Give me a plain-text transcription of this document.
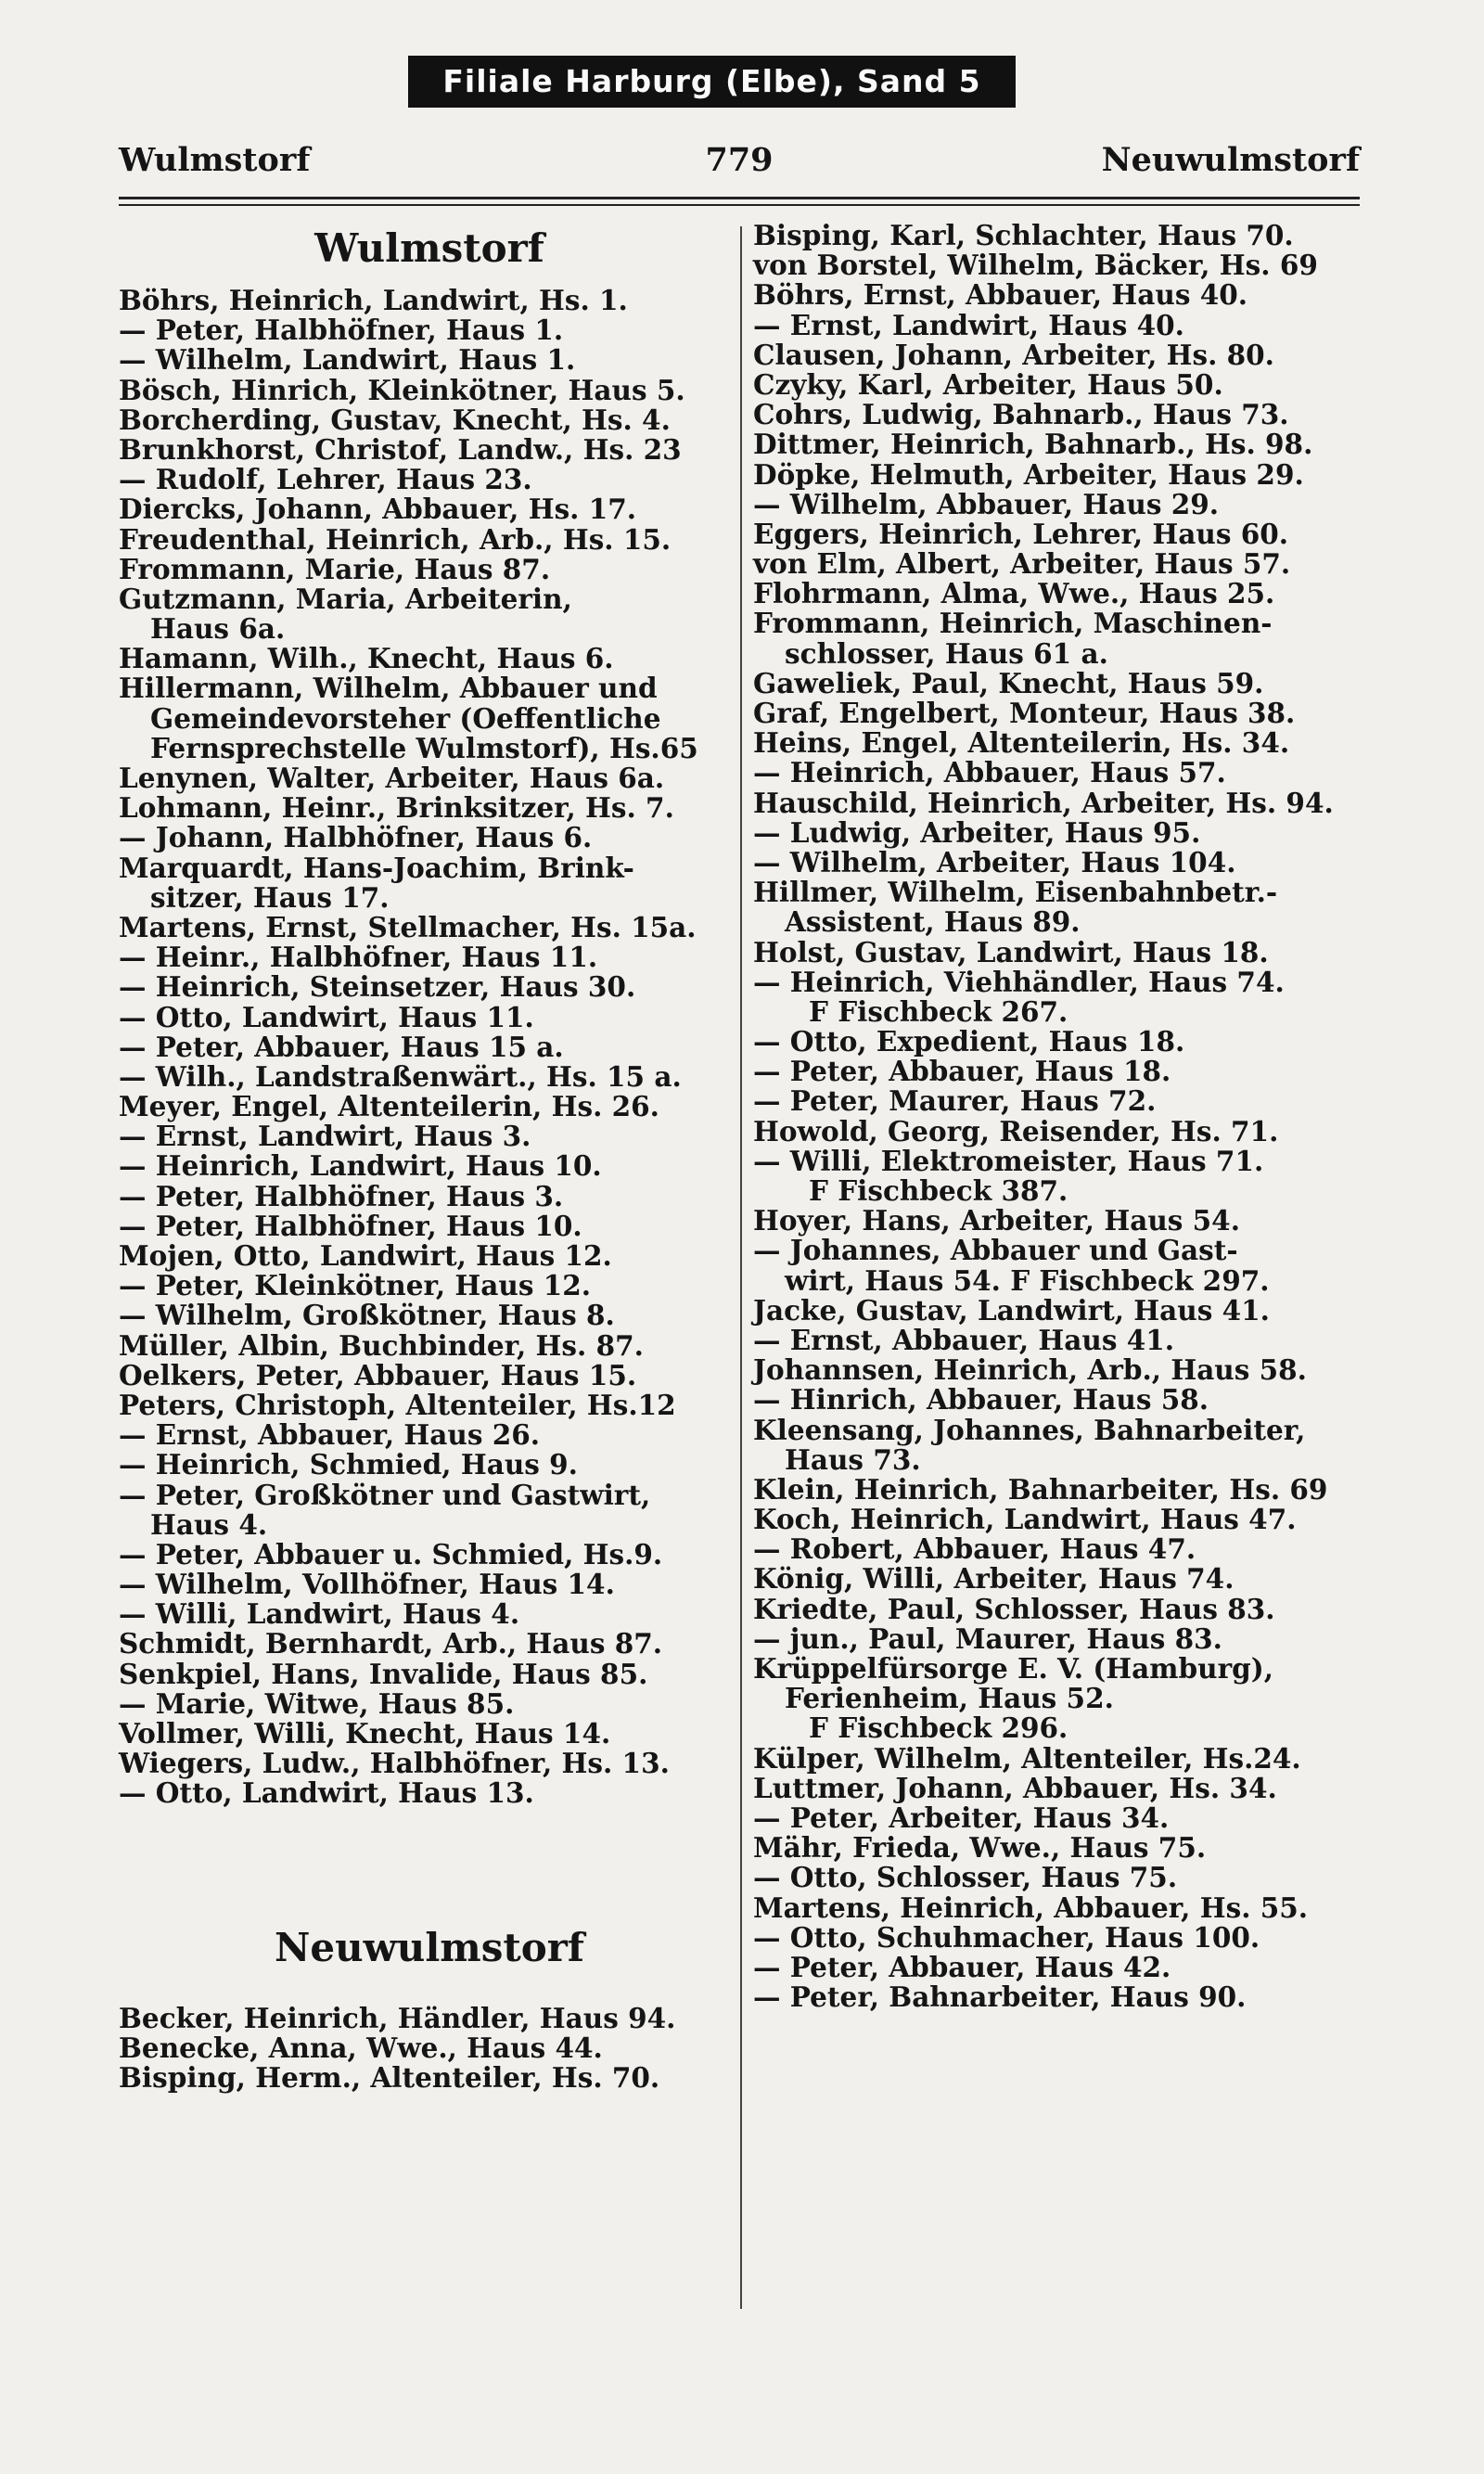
Filiale Harburg (Elbe), Sand 5
Wulmstorf	779	Neuwulmstorf
Wulmstorf
Böhrs, Heinrich, Landwirt, Hs. 1.
— Peter, Halbhöfner, Haus 1.
— Wilhelm, Landwirt, Haus 1.
Bösch, Hinrich, Kleinkötner, Haus 5.
Borcherding, Gustav, Knecht, Hs. 4.
Brunkhorst, Christof, Landw., Hs. 23
— Rudolf, Lehrer, Haus 23.
Diercks, Johann, Abbauer, Hs. 17.
Freudenthal, Heinrich, Arb., Hs. 15.
Frommann, Marie, Haus 87.
Gutzmann, Maria, Arbeiterin,
Haus 6a.
Hamann, Wilh., Knecht, Haus 6.
Hillermann, Wilhelm, Abbauer und
Gemeindevorsteher (Oeffentliche
Fernsprechstelle Wulmstorf), Hs.65
Lenynen, Walter, Arbeiter, Haus 6a.
Lohmann, Heinr., Brinksitzer, Hs. 7.
— Johann, Halbhöfner, Haus 6.
Marquardt, Hans-Joachim, Brink-
sitzer, Haus 17.
Martens, Ernst, Stellmacher, Hs. 15a.
— Heinr., Halbhöfner, Haus 11.
— Heinrich, Steinsetzer, Haus 30.
— Otto, Landwirt, Haus 11.
— Peter, Abbauer, Haus 15 a.
— Wilh., Landstraßenwärt., Hs. 15 a.
Meyer, Engel, Altenteilerin, Hs. 26.
— Ernst, Landwirt, Haus 3.
— Heinrich, Landwirt, Haus 10.
— Peter, Halbhöfner, Haus 3.
— Peter, Halbhöfner, Haus 10.
Mojen, Otto, Landwirt, Haus 12.
— Peter, Kleinkötner, Haus 12.
— Wilhelm, Großkötner, Haus 8.
Müller, Albin, Buchbinder, Hs. 87.
Oelkers, Peter, Abbauer, Haus 15.
Peters, Christoph, Altenteiler, Hs.12
— Ernst, Abbauer, Haus 26.
— Heinrich, Schmied, Haus 9.
— Peter, Großkötner und Gastwirt,
Haus 4.
— Peter, Abbauer u. Schmied, Hs.9.
— Wilhelm, Vollhöfner, Haus 14.
— Willi, Landwirt, Haus 4.
Schmidt, Bernhardt, Arb., Haus 87.
Senkpiel, Hans, Invalide, Haus 85.
— Marie, Witwe, Haus 85.
Vollmer, Willi, Knecht, Haus 14.
Wiegers, Ludw., Halbhöfner, Hs. 13.
— Otto, Landwirt, Haus 13.
Neuwulmstorf
Becker, Heinrich, Händler, Haus 94.
Benecke, Anna, Wwe., Haus 44.
Bisping, Herm., Altenteiler, Hs. 70.
Bisping, Karl, Schlachter, Haus 70.
von Borstel, Wilhelm, Bäcker, Hs. 69
Böhrs, Ernst, Abbauer, Haus 40.
— Ernst, Landwirt, Haus 40.
Clausen, Johann, Arbeiter, Hs. 80.
Czyky, Karl, Arbeiter, Haus 50.
Cohrs, Ludwig, Bahnarb., Haus 73.
Dittmer, Heinrich, Bahnarb., Hs. 98.
Döpke, Helmuth, Arbeiter, Haus 29.
— Wilhelm, Abbauer, Haus 29.
Eggers, Heinrich, Lehrer, Haus 60.
von Elm, Albert, Arbeiter, Haus 57.
Flohrmann, Alma, Wwe., Haus 25.
Frommann, Heinrich, Maschinen-
schlosser, Haus 61 a.
Gaweliek, Paul, Knecht, Haus 59.
Graf, Engelbert, Monteur, Haus 38.
Heins, Engel, Altenteilerin, Hs. 34.
— Heinrich, Abbauer, Haus 57.
Hauschild, Heinrich, Arbeiter, Hs. 94.
— Ludwig, Arbeiter, Haus 95.
— Wilhelm, Arbeiter, Haus 104.
Hillmer, Wilhelm, Eisenbahnbetr.-
Assistent, Haus 89.
Holst, Gustav, Landwirt, Haus 18.
— Heinrich, Viehhändler, Haus 74.
F Fischbeck 267.
— Otto, Expedient, Haus 18.
— Peter, Abbauer, Haus 18.
— Peter, Maurer, Haus 72.
Howold, Georg, Reisender, Hs. 71.
— Willi, Elektromeister, Haus 71.
F Fischbeck 387.
Hoyer, Hans, Arbeiter, Haus 54.
— Johannes, Abbauer und Gast-
wirt, Haus 54. F Fischbeck 297.
Jacke, Gustav, Landwirt, Haus 41.
— Ernst, Abbauer, Haus 41.
Johannsen, Heinrich, Arb., Haus 58.
— Hinrich, Abbauer, Haus 58.
Kleensang, Johannes, Bahnarbeiter,
Haus 73.
Klein, Heinrich, Bahnarbeiter, Hs. 69
Koch, Heinrich, Landwirt, Haus 47.
— Robert, Abbauer, Haus 47.
König, Willi, Arbeiter, Haus 74.
Kriedte, Paul, Schlosser, Haus 83.
— jun., Paul, Maurer, Haus 83.
Krüppelfürsorge E. V. (Hamburg),
Ferienheim, Haus 52.
F Fischbeck 296.
Külper, Wilhelm, Altenteiler, Hs.24.
Luttmer, Johann, Abbauer, Hs. 34.
— Peter, Arbeiter, Haus 34.
Mähr, Frieda, Wwe., Haus 75.
— Otto, Schlosser, Haus 75.
Martens, Heinrich, Abbauer, Hs. 55.
— Otto, Schuhmacher, Haus 100.
— Peter, Abbauer, Haus 42.
— Peter, Bahnarbeiter, Haus 90.
